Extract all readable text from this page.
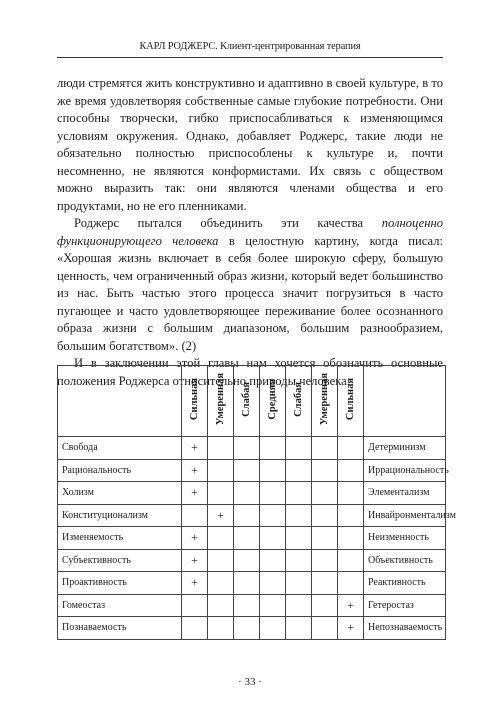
КАРЛ РОДЖЕРС. Клиент-центрированная терапия

люди стремятся жить конструктивно и адаптивно в своей культуре, в то же время удовлетворяя собственные самые глубокие потребности. Они способны творчески, гибко приспосабливаться к изменяющимся условиям окружения. Однако, добавляет Роджерс, такие люди не обязательно полностью приспособлены к культуре и, почти несомненно, не являются конформистами. Их связь с обществом можно выразить так: они являются членами общества и его продуктами, но не его пленниками.

Роджерс пытался объединить эти качества полноценно функционирующего человека в целостную картину, когда писал: «Хорошая жизнь включает в себя более широкую сферу, большую ценность, чем ограниченный образ жизни, который ведет большинство из нас. Быть частью этого процесса значит погрузиться в часто пугающее и часто удовлетворяющее переживание более осознанного образа жизни с большим диапазоном, большим разнообразием, большим богатством». (2)

И в заключении этой главы нам хочется обозначить основные положения Роджерса относительно природы человека.

	Сильная	Умеренная	Слабая	Средняя	Слабая	Умеренная	Сильная	
Свобода	+							Детерминизм
Рациональность	+							Иррациональность
Холизм	+							Элементализм
Конституционализм		+						Инвайронментализм
Изменяемость	+							Неизменность
Субъективность	+							Объективность
Проактивность	+							Реактивность
Гомеостаз							+	Гетеростаз
Познаваемость							+	Непознаваемость
· 33 ·
